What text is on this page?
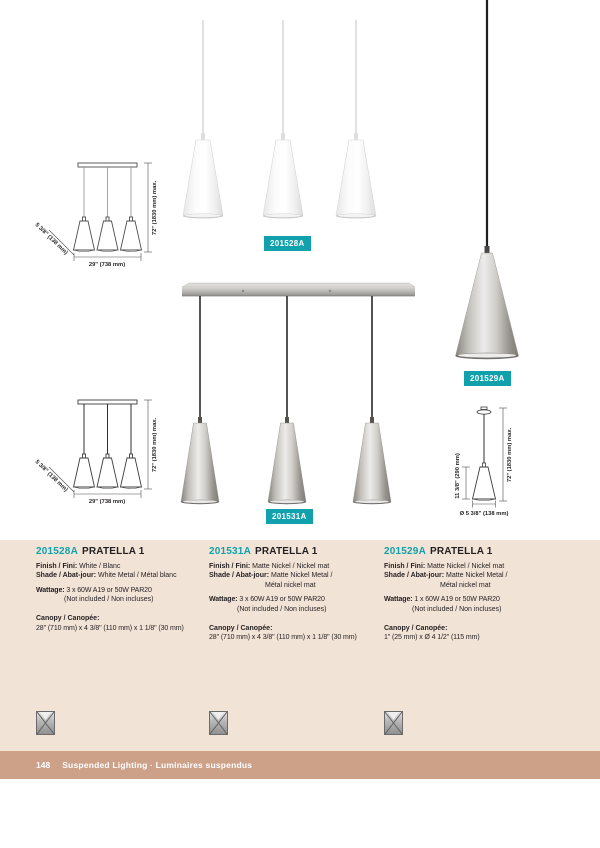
72" (1830 mm) max.
29" (738 mm)
5 3/8" (138 mm)	201528A
201531A
72" (1830 mm) max.
29" (738 mm)
5 3/8" (138 mm)
201529A
72" (1830 mm) max.
11 3/8" (290 mm)
Ø 5 3/8" (138 mm)
201528A PRATELLA 1
Finish / Fini: White / Blanc
Shade / Abat-jour: White Metal / Métal blanc
Wattage: 3 x 60W A19 or 50W PAR20
(Not included / Non incluses)
Canopy / Canopée:
28" (710 mm) x 4 3/8" (110 mm) x 1 1/8" (30 mm)
201531A PRATELLA 1
Finish / Fini: Matte Nickel / Nickel mat
Shade / Abat-jour: Matte Nickel Metal /
Métal nickel mat
Wattage: 3 x 60W A19 or 50W PAR20
(Not included / Non incluses)
Canopy / Canopée:
28" (710 mm) x 4 3/8" (110 mm) x 1 1/8" (30 mm)
201529A PRATELLA 1
Finish / Fini: Matte Nickel / Nickel mat
Shade / Abat-jour: Matte Nickel Metal /
Métal nickel mat
Wattage: 1 x 60W A19 or 50W PAR20
(Not included / Non incluses)
Canopy / Canopée:
1" (25 mm) x Ø 4 1/2" (115 mm)
148 Suspended Lighting · Luminaires suspendus
